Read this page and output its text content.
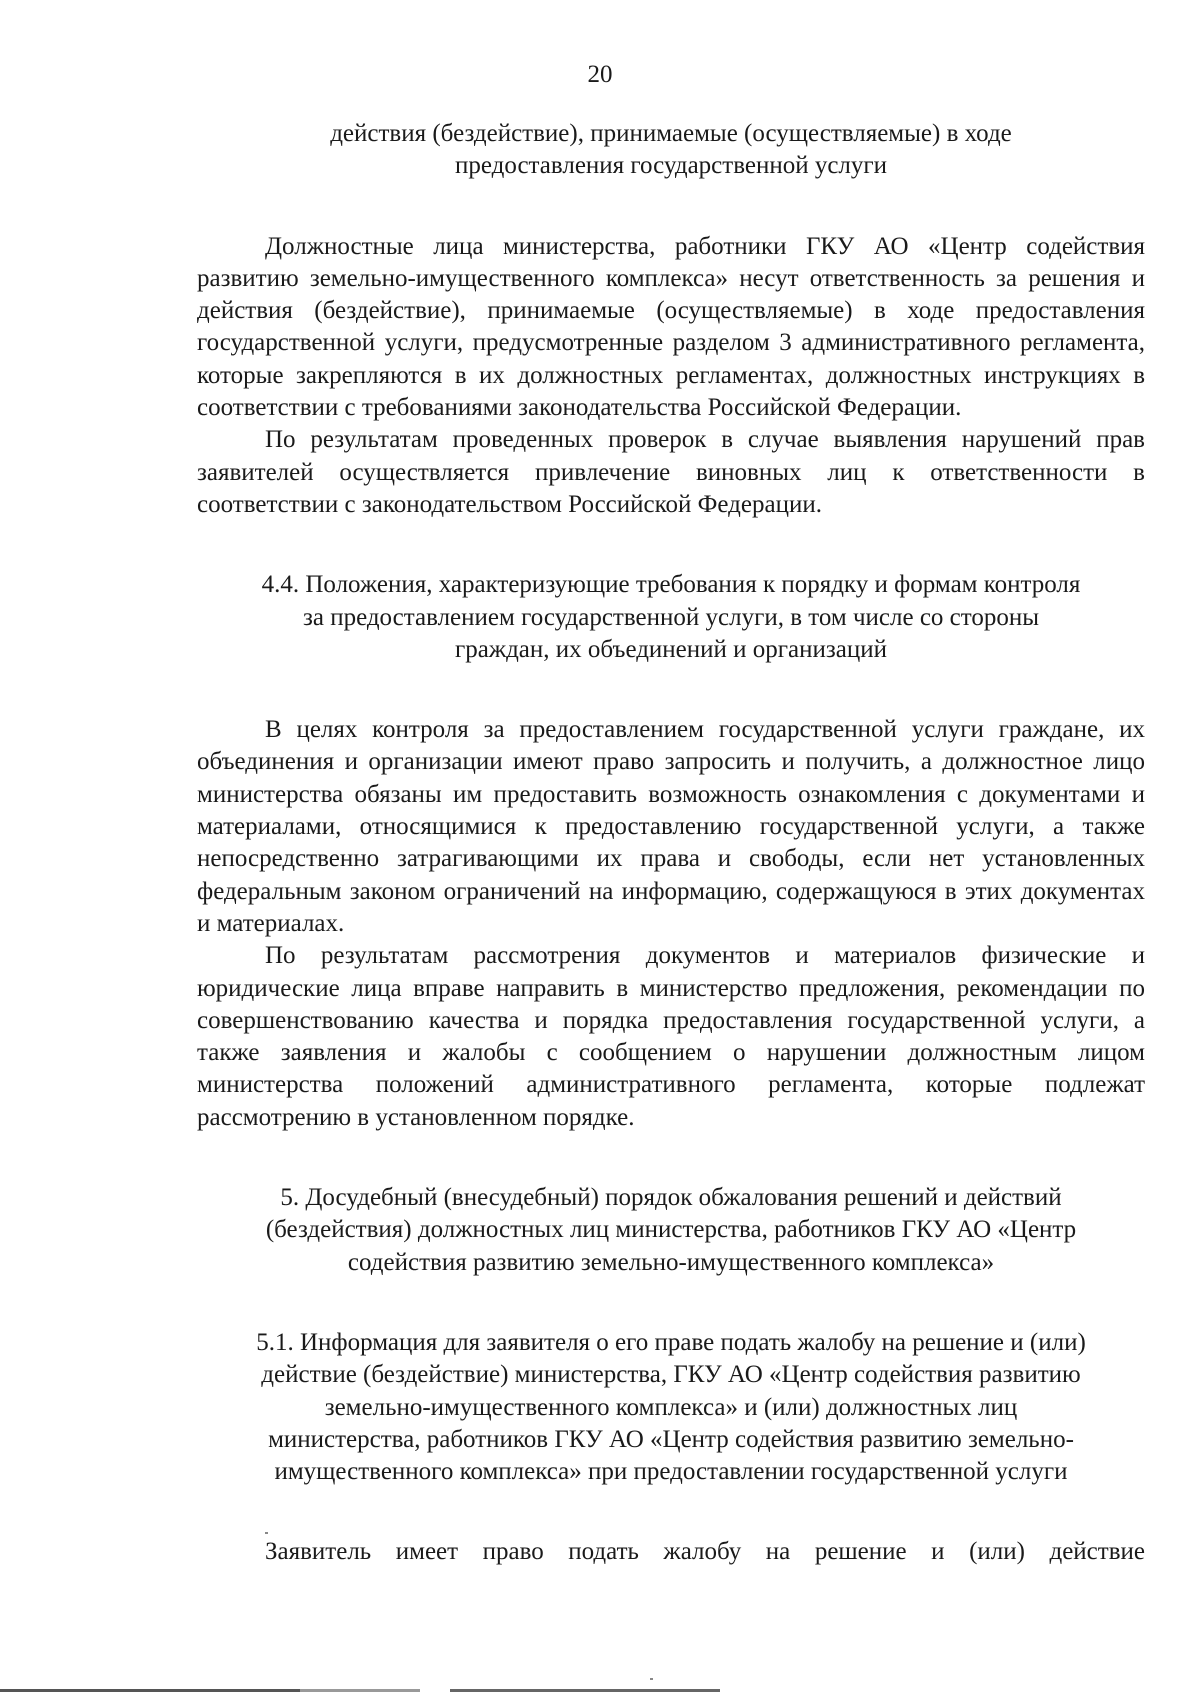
20
действия (бездействие), принимаемые (осуществляемые) в ходе
предоставления государственной услуги

Должностные лица министерства, работники ГКУ АО «Центр содействия развитию земельно-имущественного комплекса» несут ответственность за решения и действия (бездействие), принимаемые (осуществляемые) в ходе предоставления государственной услуги, предусмотренные разделом 3 административного регламента, которые закрепляются в их должностных регламентах, должностных инструкциях в соответствии с требованиями законодательства Российской Федерации.

По результатам проведенных проверок в случае выявления нарушений прав заявителей осуществляется привлечение виновных лиц к ответственности в соответствии с законодательством Российской Федерации.

4.4. Положения, характеризующие требования к порядку и формам контроля
за предоставлением государственной услуги, в том числе со стороны
граждан, их объединений и организаций

В целях контроля за предоставлением государственной услуги граждане, их объединения и организации имеют право запросить и получить, а должностное лицо министерства обязаны им предоставить возможность ознакомления с документами и материалами, относящимися к предоставлению государственной услуги, а также непосредственно затрагивающими их права и свободы, если нет установленных федеральным законом ограничений на информацию, содержащуюся в этих документах и материалах.

По результатам рассмотрения документов и материалов физические и юридические лица вправе направить в министерство предложения, рекомендации по совершенствованию качества и порядка предоставления государственной услуги, а также заявления и жалобы с сообщением о нарушении должностным лицом министерства положений административного регламента, которые подлежат рассмотрению в установленном порядке.

5. Досудебный (внесудебный) порядок обжалования решений и действий
(бездействия) должностных лиц министерства, работников ГКУ АО «Центр
содействия развитию земельно-имущественного комплекса»
5.1. Информация для заявителя о его праве подать жалобу на решение и (или)
действие (бездействие) министерства, ГКУ АО «Центр содействия развитию
земельно-имущественного комплекса» и (или) должностных лиц
министерства, работников ГКУ АО «Центр содействия развитию земельно-
имущественного комплекса» при предоставлении государственной услуги

Заявитель имеет право подать жалобу на решение и (или) действие
